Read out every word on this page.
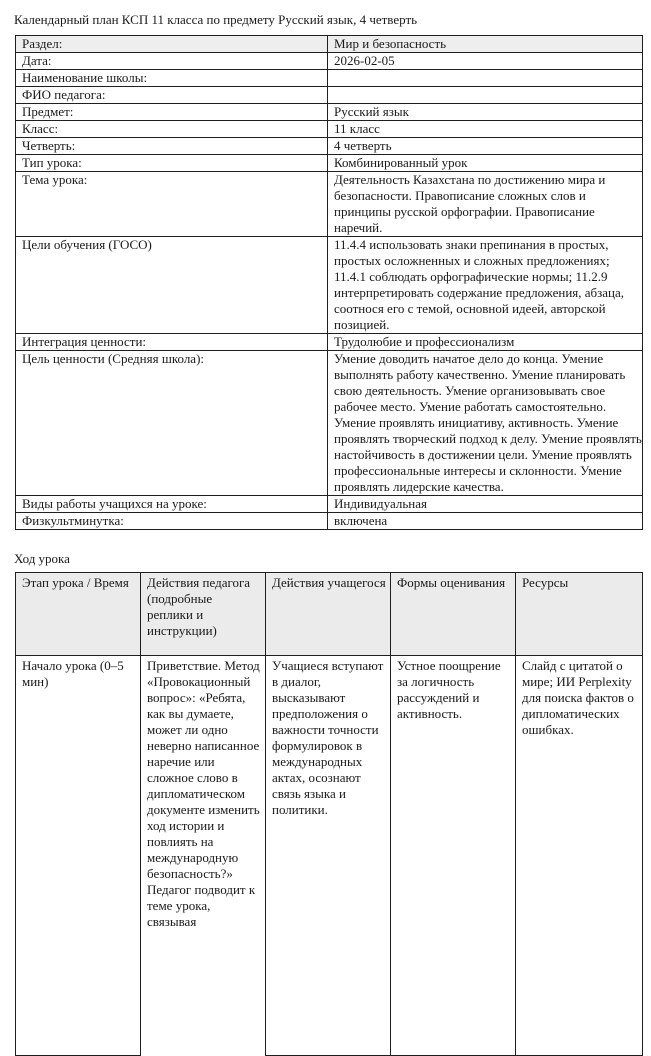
Календарный план КСП 11 класса по предмету Русский язык, 4 четверть
Раздел:	Мир и безопасность
Дата:	2026-02-05
Наименование школы:	
ФИО педагога:	
Предмет:	Русский язык
Класс:	11 класс
Четверть:	4 четверть
Тип урока:	Комбинированный урок
Тема урока:	Деятельность Казахстана по достижению мира и безопасности. Правописание сложных слов и принципы русской орфографии. Правописание наречий.
Цели обучения (ГОСО)	11.4.4 использовать знаки препинания в простых, простых осложненных и сложных предложениях; 11.4.1 соблюдать орфографические нормы; 11.2.9 интерпретировать содержание предложения, абзаца, соотнося его с темой, основной идеей, авторской позицией.
Интеграция ценности:	Трудолюбие и профессионализм
Цель ценности (Средняя школа):	Умение доводить начатое дело до конца. Умение выполнять работу качественно. Умение планировать свою деятельность. Умение организовывать свое рабочее место. Умение работать самостоятельно. Умение проявлять инициативу, активность. Умение проявлять творческий подход к делу. Умение проявлять настойчивость в достижении цели. Умение проявлять профессиональные интересы и склонности. Умение проявлять лидерские качества.
Виды работы учащихся на уроке:	Индивидуальная
Физкультминутка:	включена
Ход урока
Этап урока / Время	Действия педагога (подробные реплики и инструкции)	Действия учащегося	Формы оценивания	Ресурсы
Начало урока (0–5 мин)	Приветствие. Метод «Провокационный вопрос»: «Ребята, как вы думаете, может ли одно неверно написанное наречие или сложное слово в дипломатическом документе изменить ход истории и повлиять на международную безопасность?» Педагог подводит к теме урока, связывая	Учащиеся вступают в диалог, высказывают предположения о важности точности формулировок в международных актах, осознают связь языка и политики.	Устное поощрение за логичность рассуждений и активность.	Слайд с цитатой о мире; ИИ Perplexity для поиска фактов о дипломатических ошибках.
